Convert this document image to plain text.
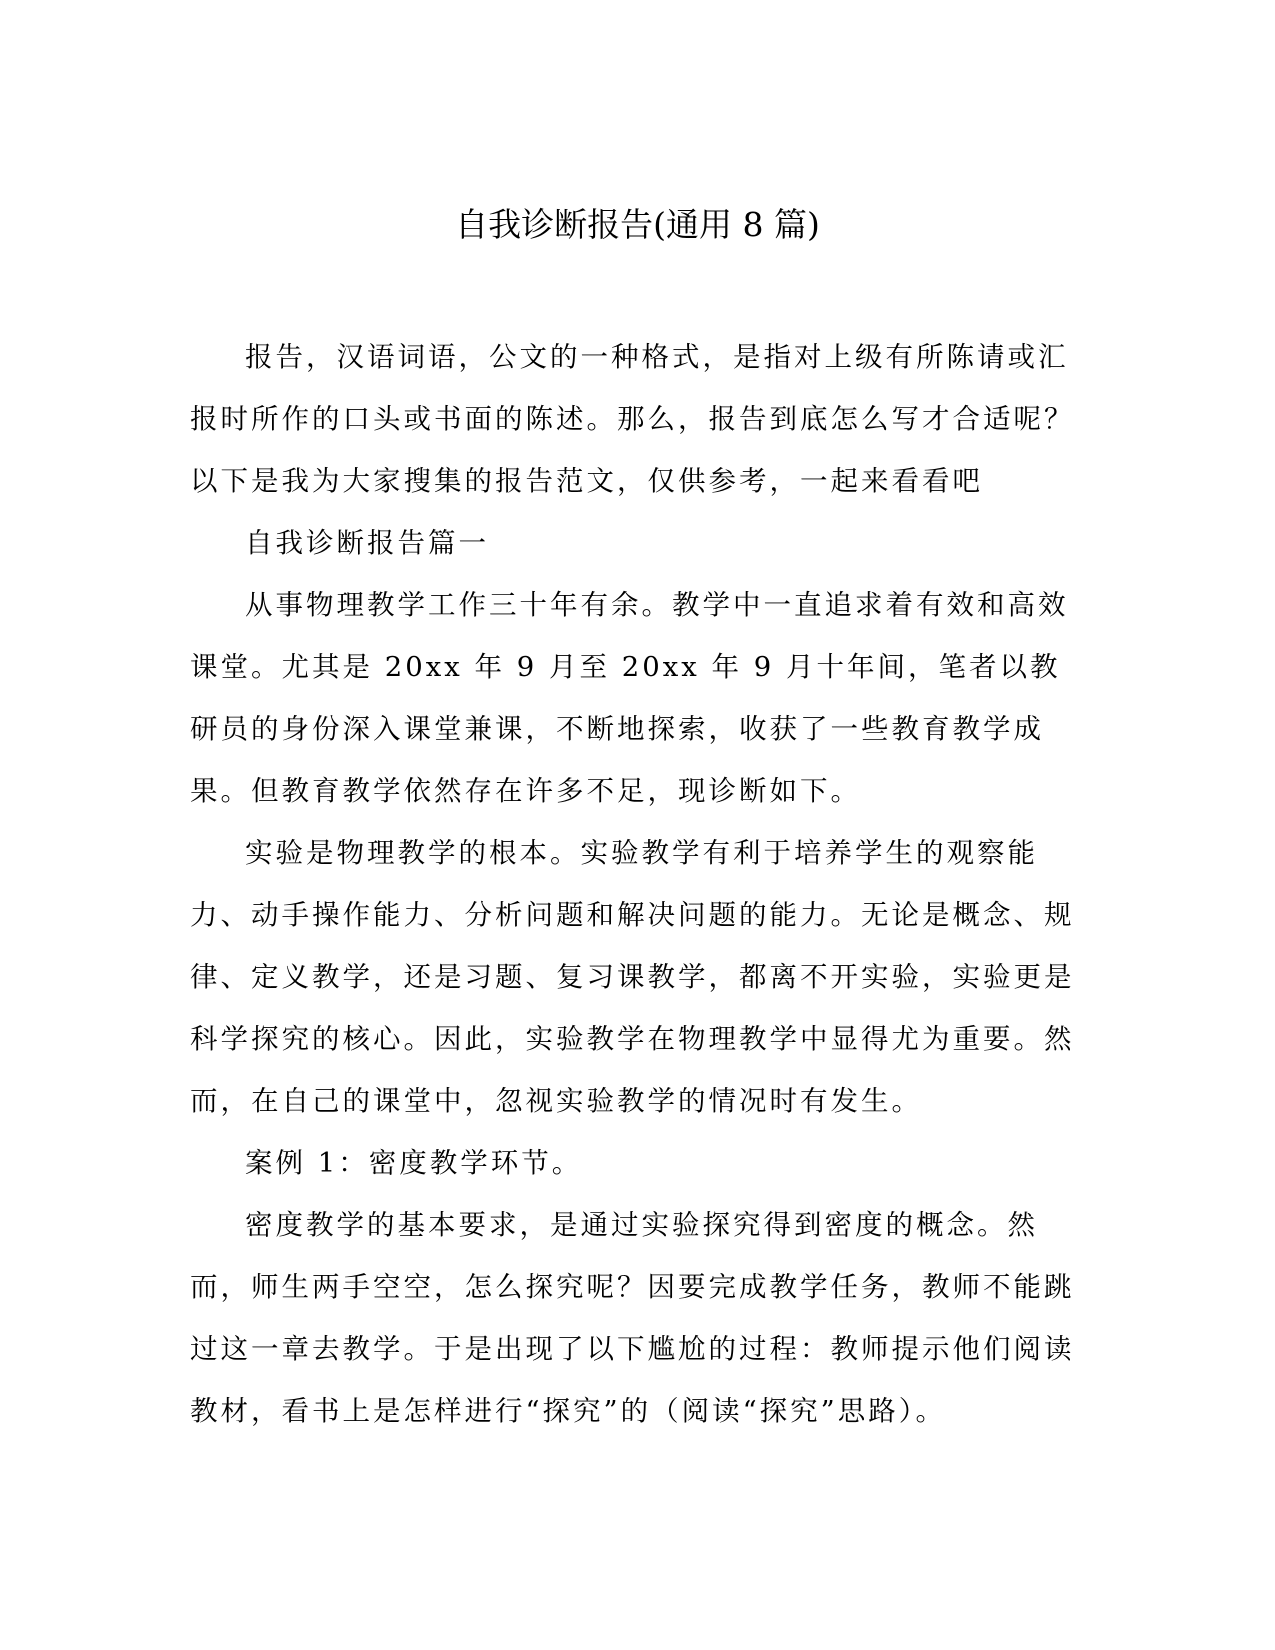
自我诊断报告(通用 8 篇)

报告，汉语词语，公文的一种格式，是指对上级有所陈请或汇报时所作的口头或书面的陈述。那么，报告到底怎么写才合适呢？以下是我为大家搜集的报告范文，仅供参考，一起来看看吧

自我诊断报告篇一

从事物理教学工作三十年有余。教学中一直追求着有效和高效课堂。尤其是 20xx 年 9 月至 20xx 年 9 月十年间，笔者以教研员的身份深入课堂兼课，不断地探索，收获了一些教育教学成果。但教育教学依然存在许多不足，现诊断如下。

实验是物理教学的根本。实验教学有利于培养学生的观察能力、动手操作能力、分析问题和解决问题的能力。无论是概念、规律、定义教学，还是习题、复习课教学，都离不开实验，实验更是科学探究的核心。因此，实验教学在物理教学中显得尤为重要。然而，在自己的课堂中，忽视实验教学的情况时有发生。

案例 1：密度教学环节。

密度教学的基本要求，是通过实验探究得到密度的概念。然而，师生两手空空，怎么探究呢？因要完成教学任务，教师不能跳过这一章去教学。于是出现了以下尴尬的过程：教师提示他们阅读教材，看书上是怎样进行“探究”的（阅读“探究”思路）。
